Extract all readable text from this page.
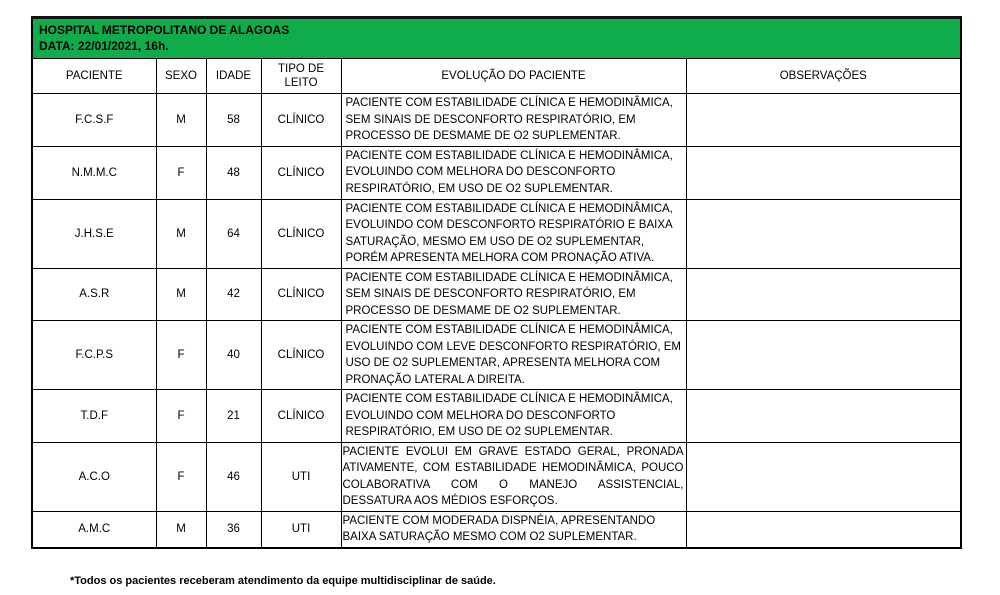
HOSPITAL METROPOLITANO DE ALAGOAS
DATA: 22/01/2021, 16h.					

PACIENTE	SEXO	IDADE	TIPO DE LEITO	EVOLUÇÃO DO PACIENTE	OBSERVAÇÕES
F.C.S.F	M	58	CLÍNICO	PACIENTE COM ESTABILIDADE CLÍNICA E HEMODINÂMICA, SEM SINAIS DE DESCONFORTO RESPIRATÓRIO, EM PROCESSO DE DESMAME DE O2 SUPLEMENTAR.	
N.M.M.C	F	48	CLÍNICO	PACIENTE COM ESTABILIDADE CLÍNICA E HEMODINÂMICA, EVOLUINDO COM MELHORA DO DESCONFORTO RESPIRATÓRIO, EM USO DE O2 SUPLEMENTAR.	
J.H.S.E	M	64	CLÍNICO	PACIENTE COM ESTABILIDADE CLÍNICA E HEMODINÂMICA, EVOLUINDO COM DESCONFORTO RESPIRATÓRIO E BAIXA SATURAÇÃO, MESMO EM USO DE O2 SUPLEMENTAR, PORÉM APRESENTA MELHORA COM PRONAÇÃO ATIVA.	
A.S.R	M	42	CLÍNICO	PACIENTE COM ESTABILIDADE CLÍNICA E HEMODINÂMICA, SEM SINAIS DE DESCONFORTO RESPIRATÓRIO, EM PROCESSO DE DESMAME DE O2 SUPLEMENTAR.	
F.C.P.S	F	40	CLÍNICO	PACIENTE COM ESTABILIDADE CLÍNICA E HEMODINÂMICA, EVOLUINDO COM LEVE DESCONFORTO RESPIRATÓRIO, EM USO DE O2 SUPLEMENTAR, APRESENTA MELHORA COM PRONAÇÃO LATERAL A DIREITA.	
T.D.F	F	21	CLÍNICO	PACIENTE COM ESTABILIDADE CLÍNICA E HEMODINÂMICA, EVOLUINDO COM MELHORA DO DESCONFORTO RESPIRATÓRIO, EM USO DE O2 SUPLEMENTAR.	
A.C.O	F	46	UTI	PACIENTE EVOLUI EM GRAVE ESTADO GERAL, PRONADA ATIVAMENTE, COM ESTABILIDADE HEMODINÂMICA, POUCO COLABORATIVA COM O MANEJO ASSISTENCIAL, DESSATURA AOS MÉDIOS ESFORÇOS.	
A.M.C	M	36	UTI	PACIENTE COM MODERADA DISPNÉIA, APRESENTANDO BAIXA SATURAÇÃO MESMO COM O2 SUPLEMENTAR.	
*Todos os pacientes receberam atendimento da equipe multidisciplinar de saúde.
